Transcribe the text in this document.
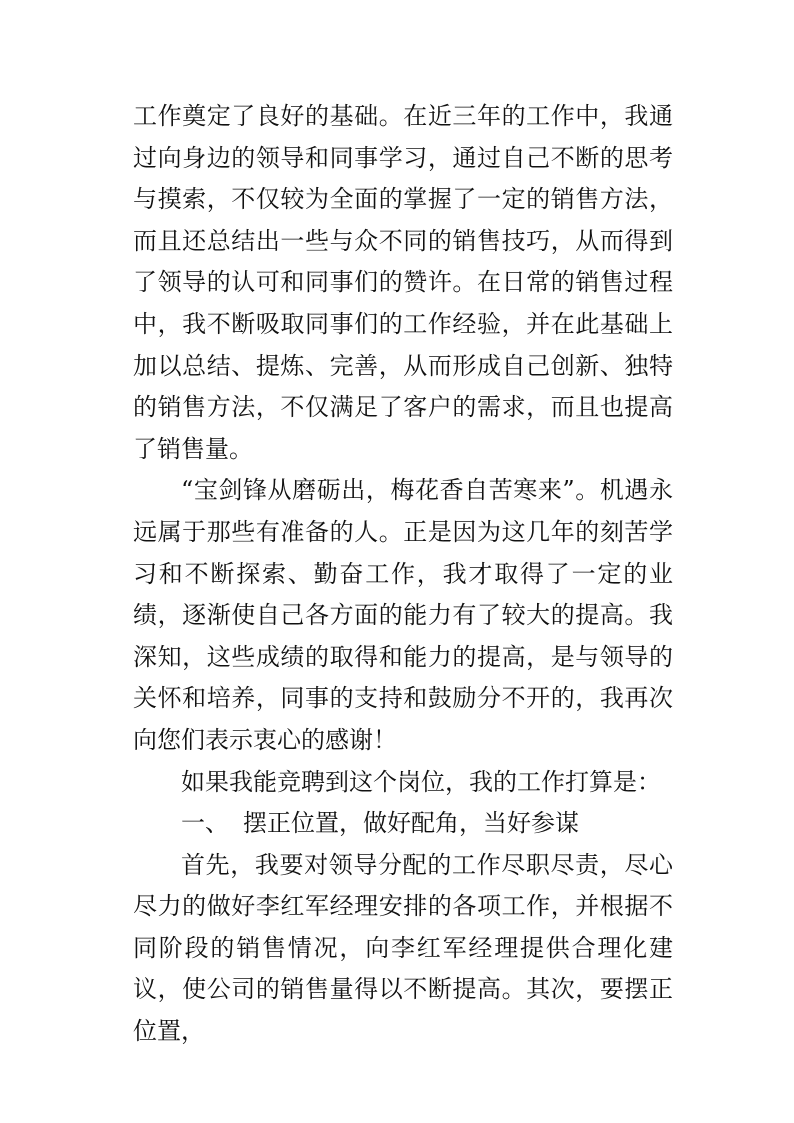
工作奠定了良好的基础。在近三年的工作中，我通过向身边的领导和同事学习，通过自己不断的思考与摸索，不仅较为全面的掌握了一定的销售方法，而且还总结出一些与众不同的销售技巧，从而得到了领导的认可和同事们的赞许。在日常的销售过程中，我不断吸取同事们的工作经验，并在此基础上加以总结、提炼、完善，从而形成自己创新、独特的销售方法，不仅满足了客户的需求，而且也提高了销售量。

“宝剑锋从磨砺出，梅花香自苦寒来”。机遇永远属于那些有准备的人。正是因为这几年的刻苦学习和不断探索、勤奋工作，我才取得了一定的业绩，逐渐使自己各方面的能力有了较大的提高。我深知，这些成绩的取得和能力的提高，是与领导的关怀和培养，同事的支持和鼓励分不开的，我再次向您们表示衷心的感谢！

如果我能竞聘到这个岗位，我的工作打算是：

一、 摆正位置，做好配角，当好参谋

首先，我要对领导分配的工作尽职尽责，尽心尽力的做好李红军经理安排的各项工作，并根据不同阶段的销售情况，向李红军经理提供合理化建议，使公司的销售量得以不断提高。其次，要摆正位置，
